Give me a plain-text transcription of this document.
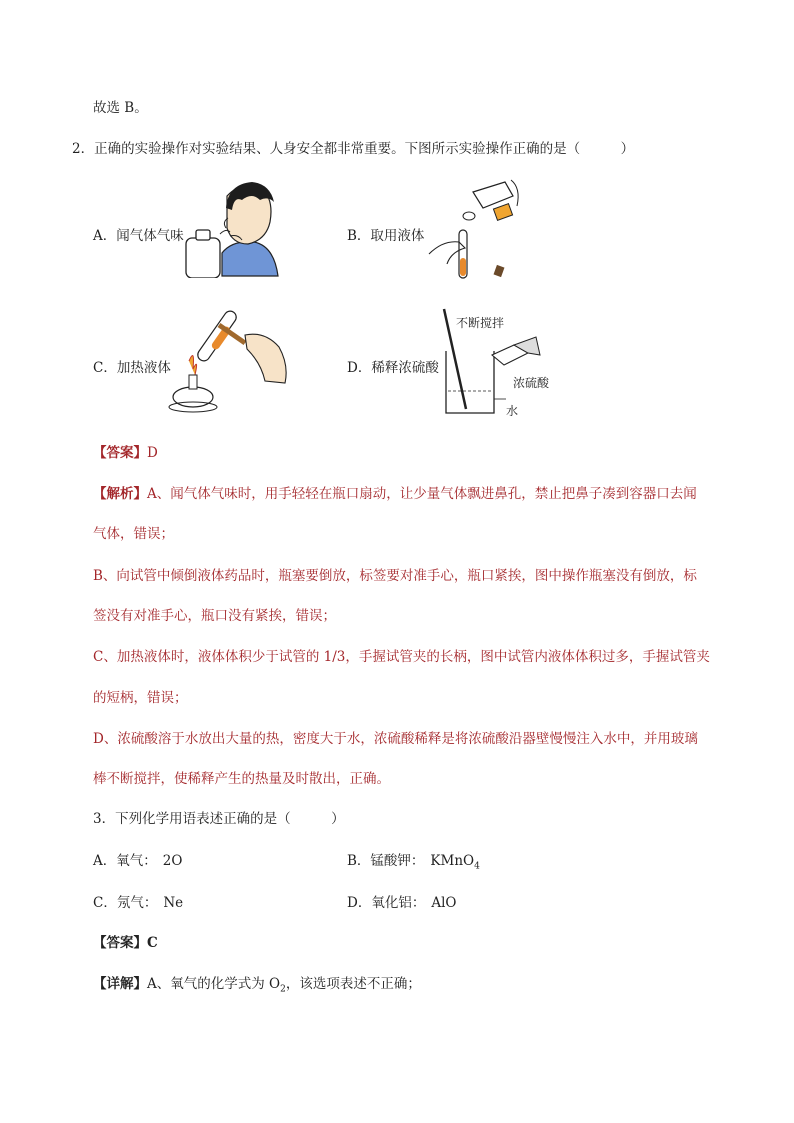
故选 B。
2．正确的实验操作对实验结果、人身安全都非常重要。下图所示实验操作正确的是（　　　）
A．闻气体气味	B．取用液体
C．加热液体	D．稀释浓硫酸
不断搅拌
浓硫酸
水
【答案】D
【解析】A、闻气体气味时，用手轻轻在瓶口扇动，让少量气体飘进鼻孔，禁止把鼻子凑到容器口去闻
气体，错误；
B、向试管中倾倒液体药品时，瓶塞要倒放，标签要对准手心，瓶口紧挨，图中操作瓶塞没有倒放，标
签没有对准手心，瓶口没有紧挨，错误；
C、加热液体时，液体体积少于试管的 1/3，手握试管夹的长柄，图中试管内液体体积过多，手握试管夹
的短柄，错误；
D、浓硫酸溶于水放出大量的热，密度大于水，浓硫酸稀释是将浓硫酸沿器壁慢慢注入水中，并用玻璃
棒不断搅拌，使稀释产生的热量及时散出，正确。
3．下列化学用语表述正确的是（　　　）
A．氧气： 2O	B．锰酸钾： KMnO$_4$
C．氖气： Ne	D．氧化铝： AlO
【答案】C
【详解】A、氧气的化学式为 $O_2$，该选项表述不正确；
